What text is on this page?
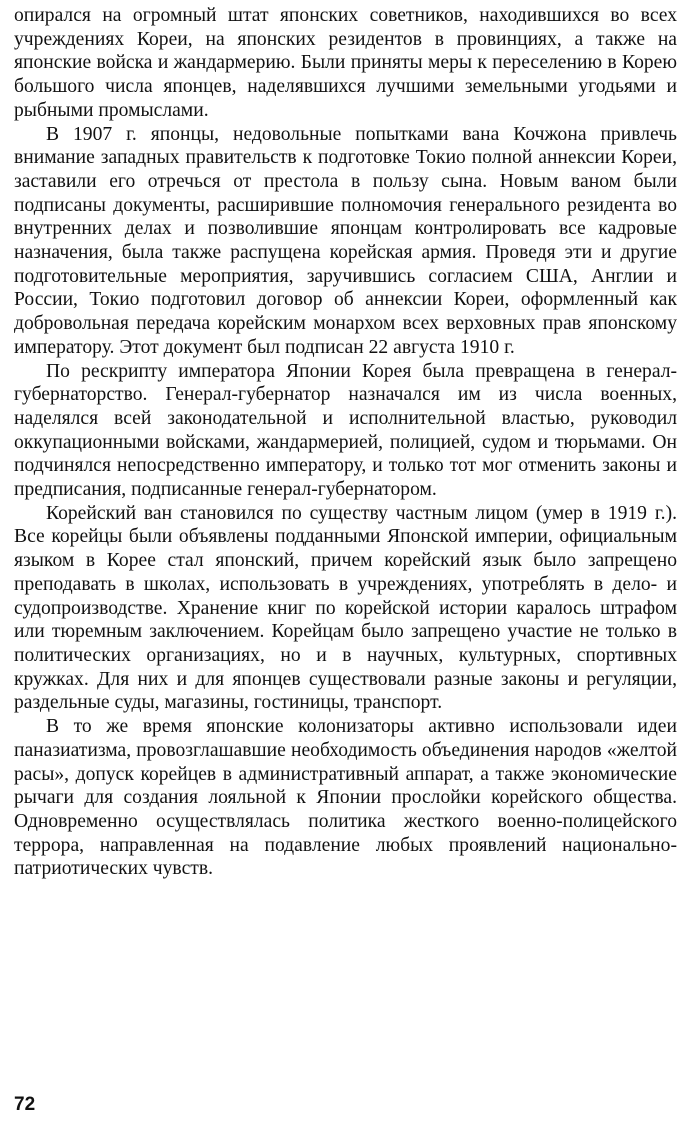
опирался на огромный штат японских советников, находившихся во всех учреждениях Кореи, на японских резидентов в провинциях, а также на японские войска и жандармерию. Были приняты меры к переселению в Корею большого числа японцев, наделявшихся лучшими земельными угодьями и рыбными промыслами.

В 1907 г. японцы, недовольные попытками вана Кочжона привлечь внимание западных правительств к подготовке Токио полной аннексии Кореи, заставили его отречься от престола в пользу сына. Новым ваном были подписаны документы, расширившие полномочия генерального резидента во внутренних делах и позволившие японцам контролировать все кадровые назначения, была также распущена корейская армия. Проведя эти и другие подготовительные мероприятия, заручившись согласием США, Англии и России, Токио подготовил договор об аннексии Кореи, оформленный как добровольная передача корейским монархом всех верховных прав японскому императору. Этот документ был подписан 22 августа 1910 г.

По рескрипту императора Японии Корея была превращена в генерал-губернаторство. Генерал-губернатор назначался им из числа военных, наделялся всей законодательной и исполнительной властью, руководил оккупационными войсками, жандармерией, полицией, судом и тюрьмами. Он подчинялся непосредственно императору, и только тот мог отменить законы и предписания, подписанные генерал-губернатором.

Корейский ван становился по существу частным лицом (умер в 1919 г.). Все корейцы были объявлены подданными Японской империи, официальным языком в Корее стал японский, причем корейский язык было запрещено преподавать в школах, использовать в учреждениях, употреблять в дело- и судопроизводстве. Хранение книг по корейской истории каралось штрафом или тюремным заключением. Корейцам было запрещено участие не только в политических организациях, но и в научных, культурных, спортивных кружках. Для них и для японцев существовали разные законы и регуляции, раздельные суды, магазины, гостиницы, транспорт.

В то же время японские колонизаторы активно использовали идеи паназиатизма, провозглашавшие необходимость объединения народов «желтой расы», допуск корейцев в административный аппарат, а также экономические рычаги для создания лояльной к Японии прослойки корейского общества. Одновременно осуществлялась политика жесткого военно-полицейского террора, направленная на подавление любых проявлений национально-патриотических чувств.

72
